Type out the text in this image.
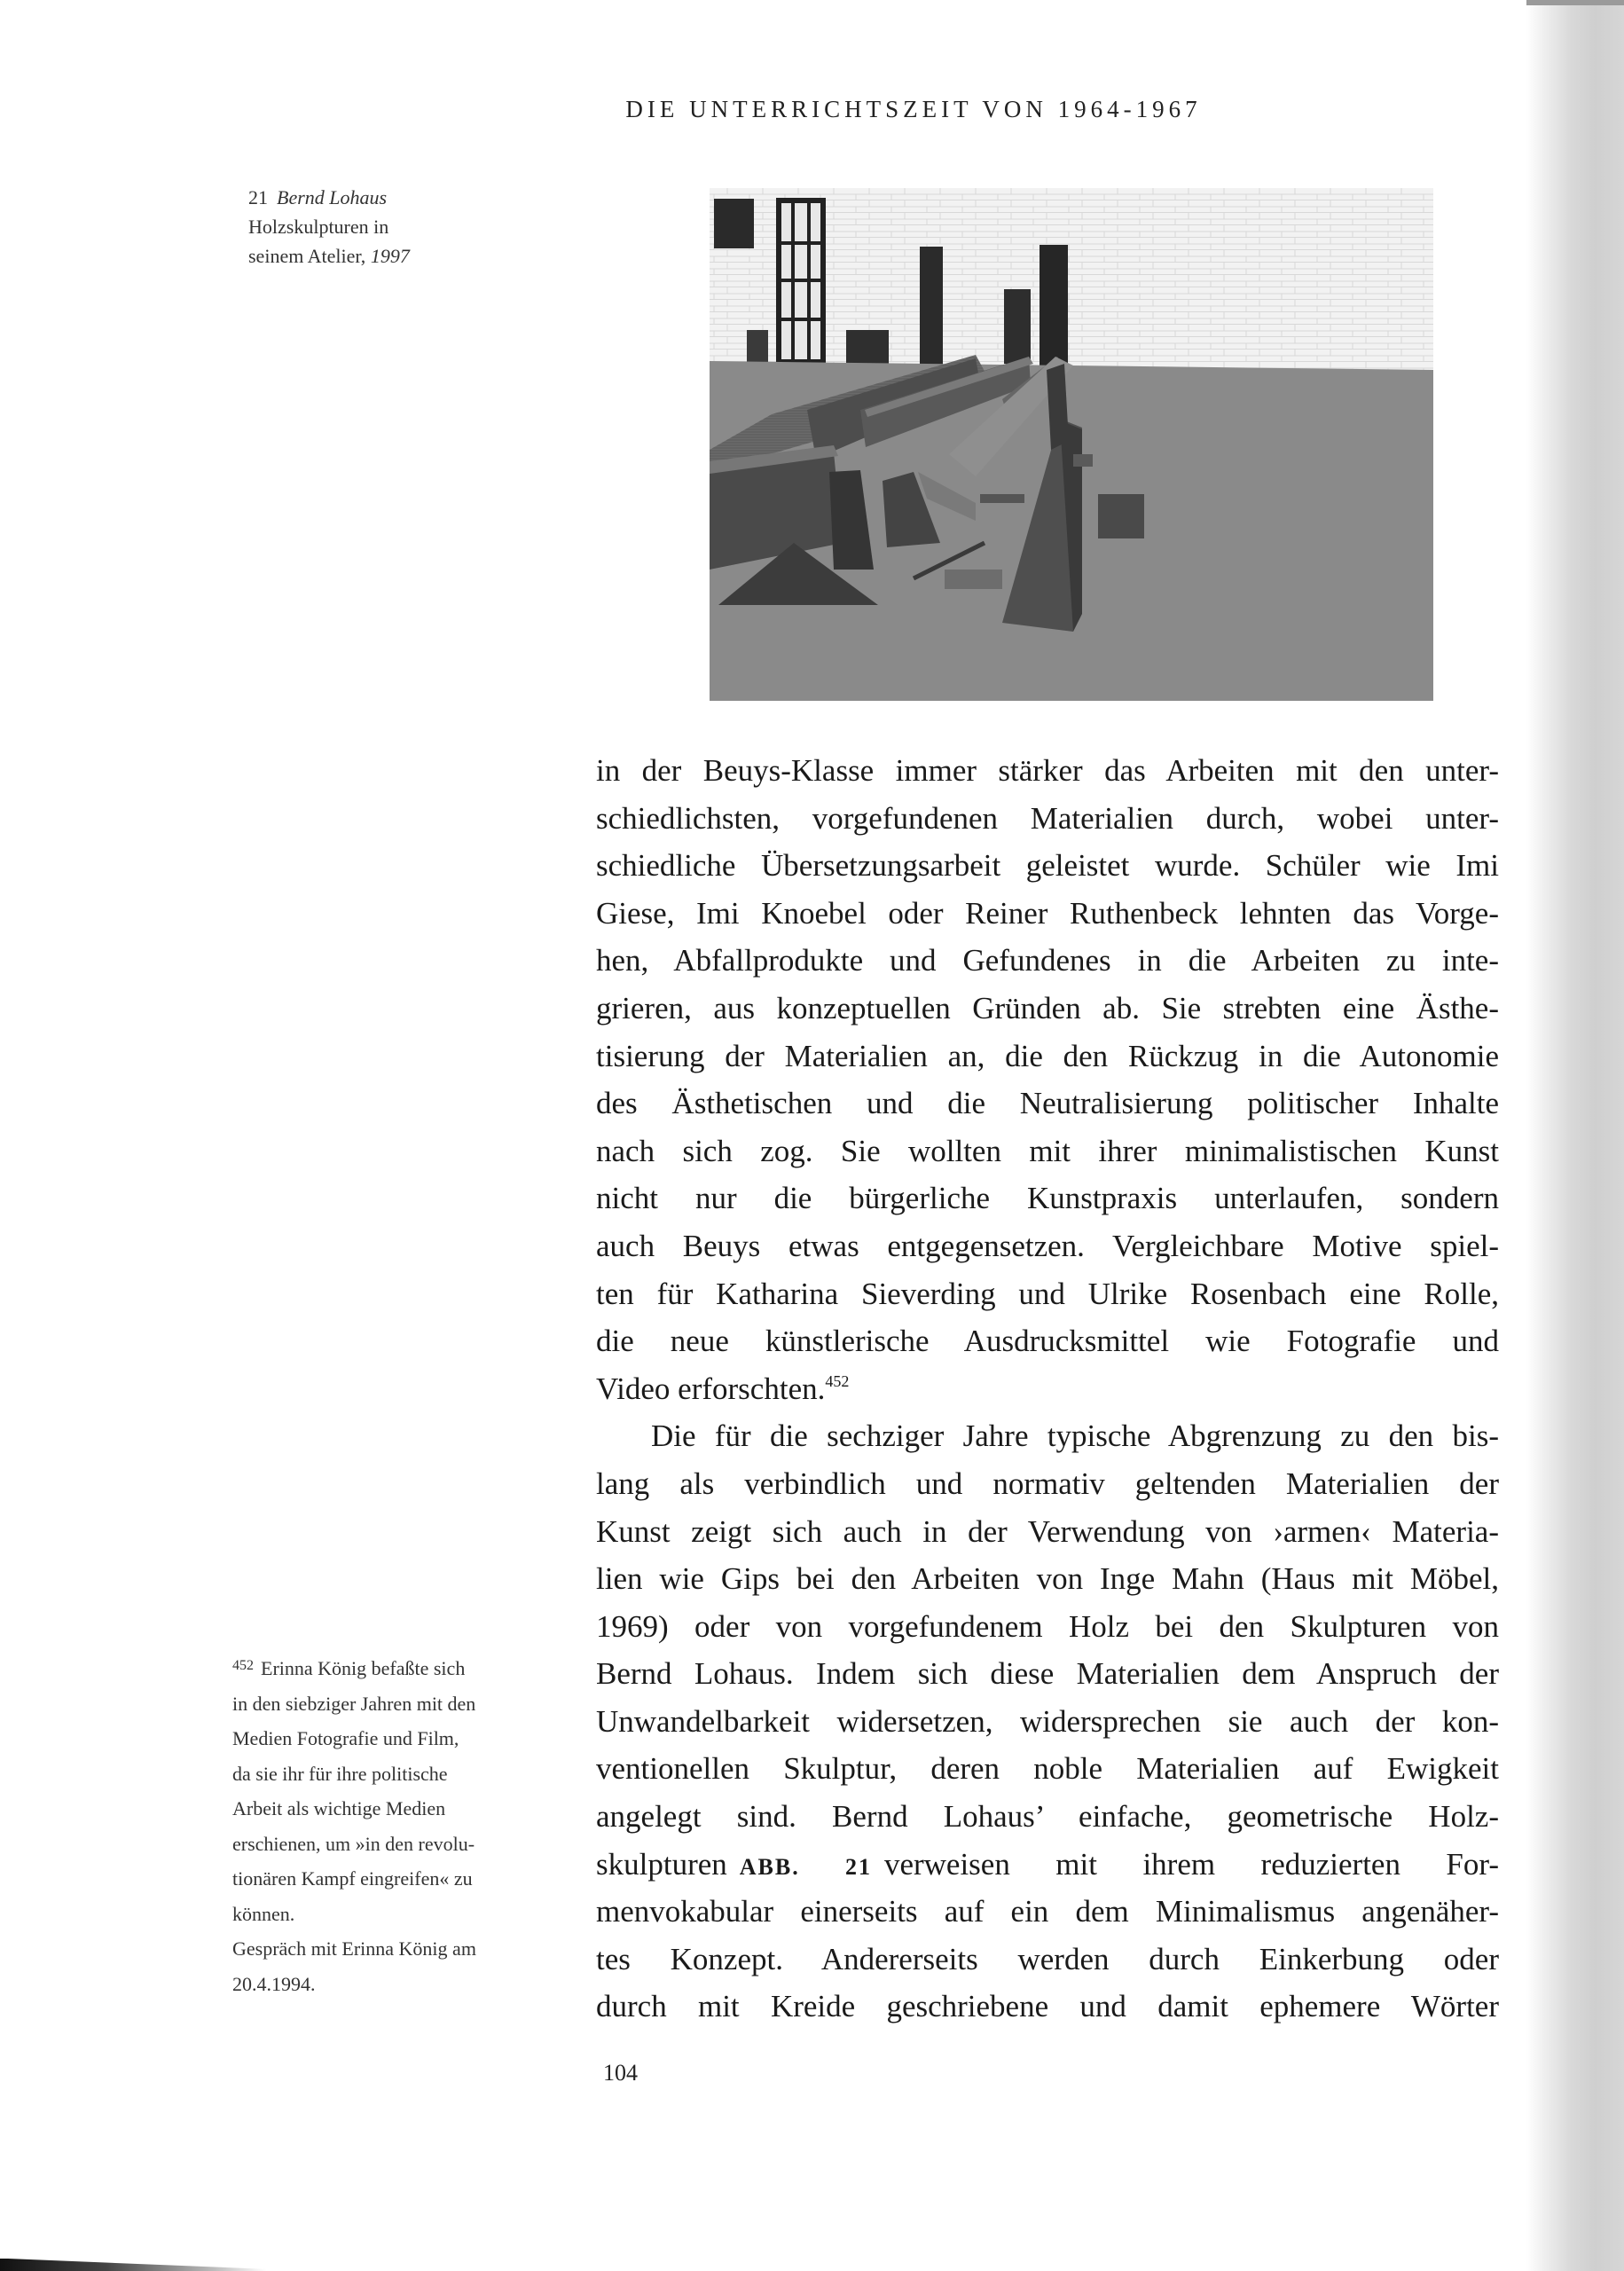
DIE UNTERRICHTSZEIT VON 1964-1967
21 Bernd Lohaus
Holzskulpturen in
seinem Atelier, 1997
in der Beuys-Klasse immer stärker das Arbeiten mit den unter-
schiedlichsten, vorgefundenen Materialien durch, wobei unter-
schiedliche Übersetzungsarbeit geleistet wurde. Schüler wie Imi
Giese, Imi Knoebel oder Reiner Ruthenbeck lehnten das Vorge-
hen, Abfallprodukte und Gefundenes in die Arbeiten zu inte-
grieren, aus konzeptuellen Gründen ab. Sie strebten eine Ästhe-
tisierung der Materialien an, die den Rückzug in die Autonomie
des Ästhetischen und die Neutralisierung politischer Inhalte
nach sich zog. Sie wollten mit ihrer minimalistischen Kunst
nicht nur die bürgerliche Kunstpraxis unterlaufen, sondern
auch Beuys etwas entgegensetzen. Vergleichbare Motive spiel-
ten für Katharina Sieverding und Ulrike Rosenbach eine Rolle,
die neue künstlerische Ausdrucksmittel wie Fotografie und
Video erforschten.$^{452}$
Die für die sechziger Jahre typische Abgrenzung zu den bis-
lang als verbindlich und normativ geltenden Materialien der
Kunst zeigt sich auch in der Verwendung von ›armen‹ Materia-
lien wie Gips bei den Arbeiten von Inge Mahn (Haus mit Möbel,
1969) oder von vorgefundenem Holz bei den Skulpturen von
Bernd Lohaus. Indem sich diese Materialien dem Anspruch der
Unwandelbarkeit widersetzen, widersprechen sie auch der kon-
ventionellen Skulptur, deren noble Materialien auf Ewigkeit
angelegt sind. Bernd Lohaus’ einfache, geometrische Holz-
skulpturen ABB. 21 verweisen mit ihrem reduzierten For-
menvokabular einerseits auf ein dem Minimalismus angenäher-
tes Konzept. Andererseits werden durch Einkerbung oder
durch mit Kreide geschriebene und damit ephemere Wörter
$^{452}$ Erinna König befaßte sich
in den siebziger Jahren mit den
Medien Fotografie und Film,
da sie ihr für ihre politische
Arbeit als wichtige Medien
erschienen, um »in den revolu-
tionären Kampf eingreifen« zu
können.
Gespräch mit Erinna König am
20.4.1994.
104
